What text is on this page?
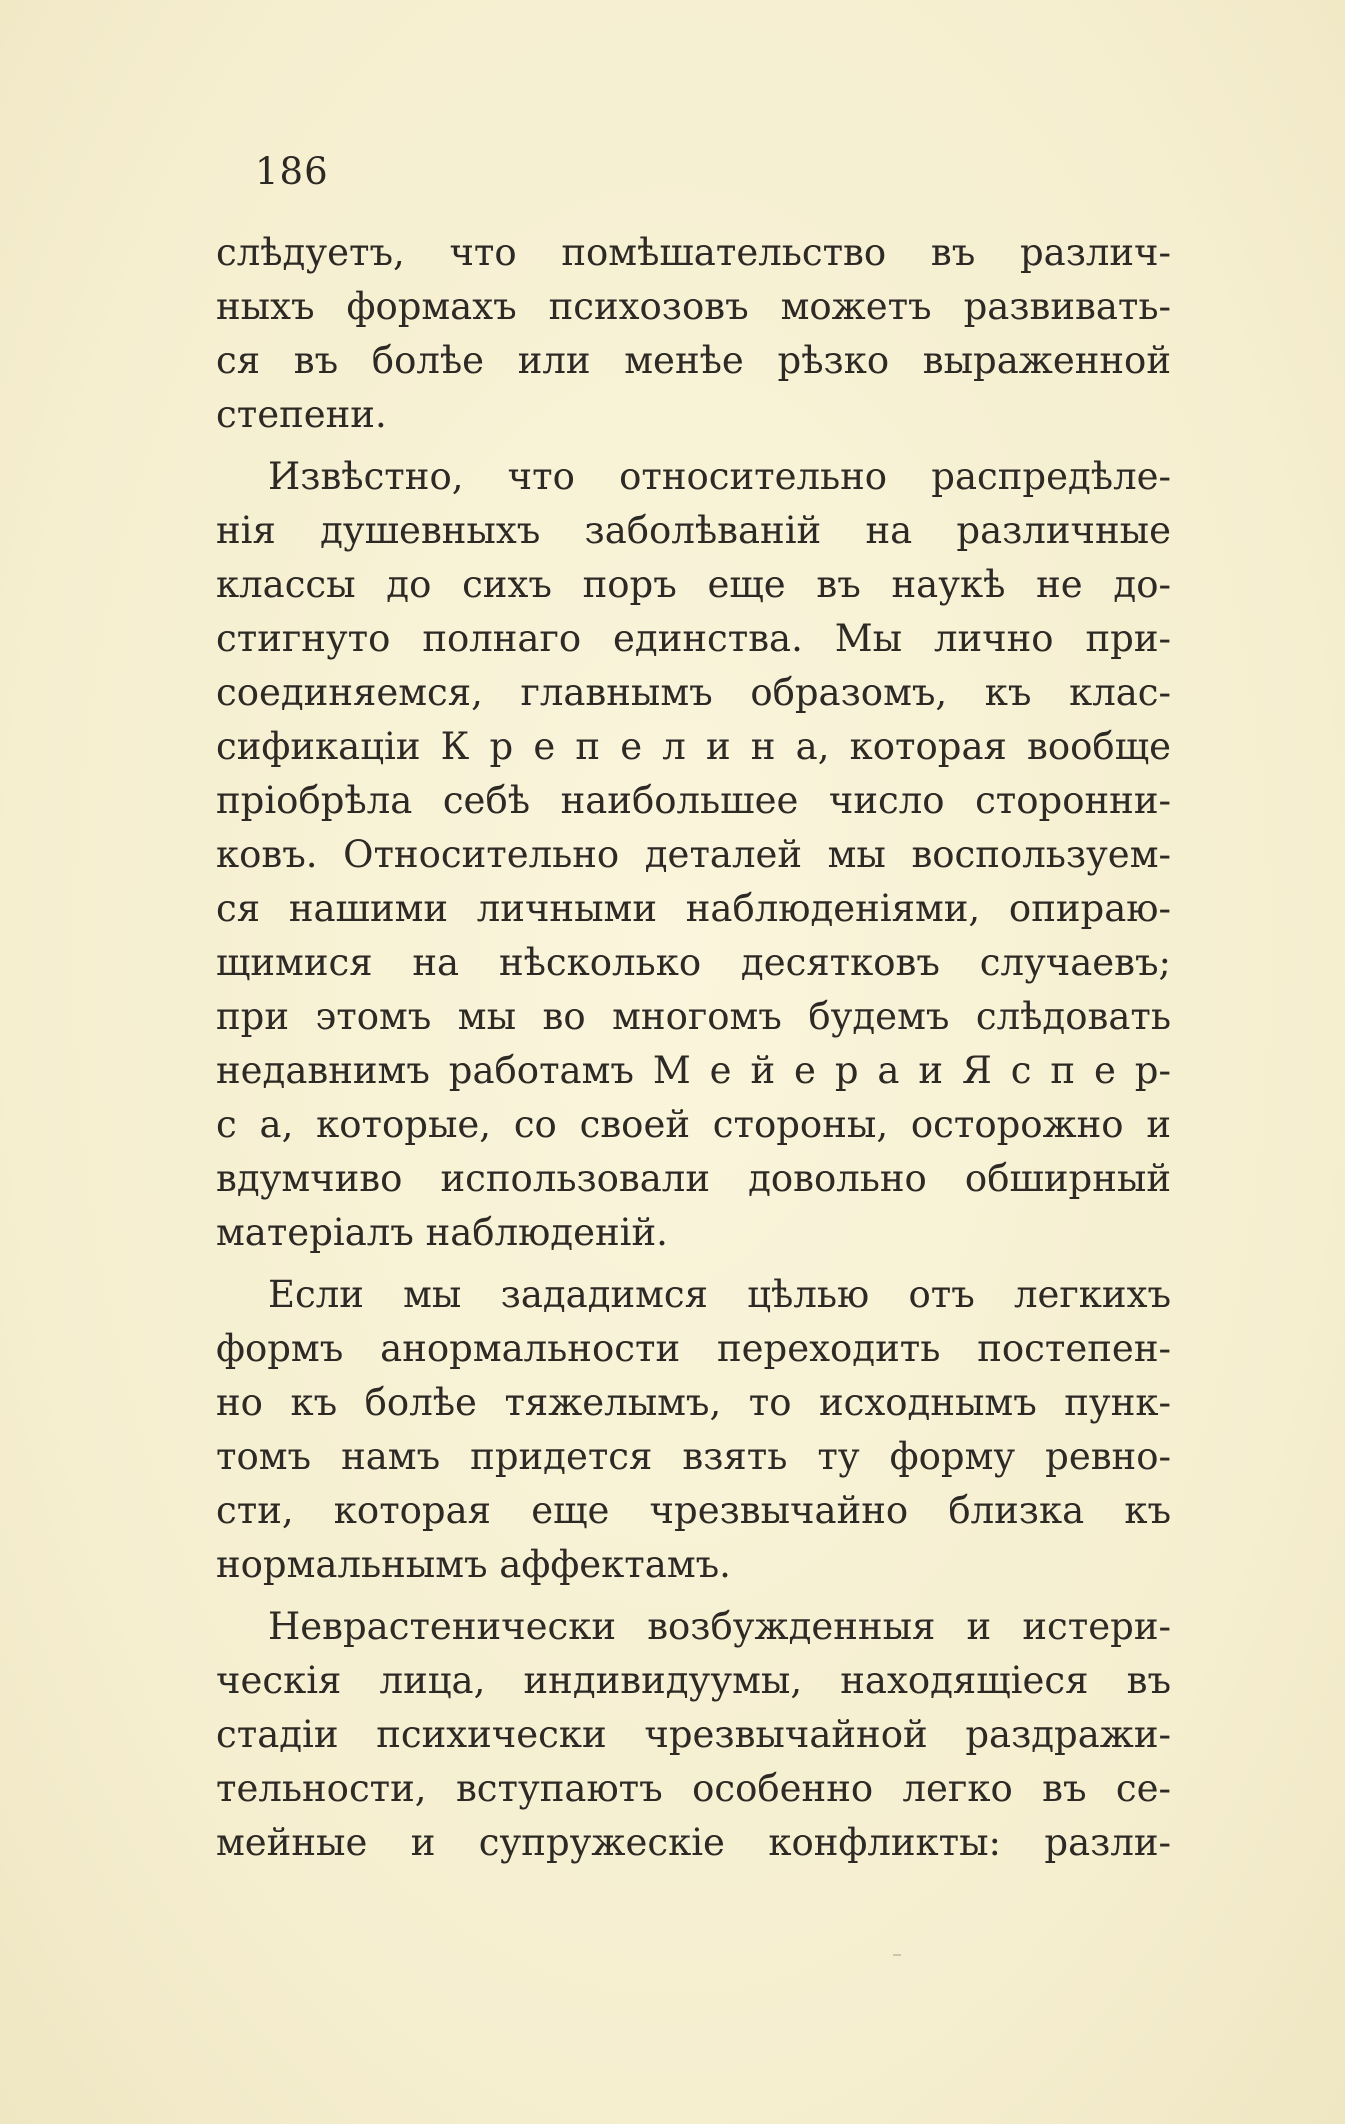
186
слѣдуетъ, что помѣшательство въ различ-
ныхъ формахъ психозовъ можетъ развивать-
ся въ болѣе или менѣе рѣзко выраженной
степени.
Извѣстно, что относительно распредѣле-
нія душевныхъ заболѣваній на различные
классы до сихъ поръ еще въ наукѣ не до-
стигнуто полнаго единства. Мы лично при-
соединяемся, главнымъ образомъ, къ клас-
сификаціи К р е п е л и н а, которая вообще
пріобрѣла себѣ наибольшее число сторонни-
ковъ. Относительно деталей мы воспользуем-
ся нашими личными наблюденіями, опираю-
щимися на нѣсколько десятковъ случаевъ;
при этомъ мы во многомъ будемъ слѣдовать
недавнимъ работамъ М е й е р а и Я с п е р-
с а, которые, со своей стороны, осторожно и
вдумчиво использовали довольно обширный
матеріалъ наблюденій.
Если мы зададимся цѣлью отъ легкихъ
формъ анормальности переходить постепен-
но къ болѣе тяжелымъ, то исходнымъ пунк-
томъ намъ придется взять ту форму ревно-
сти, которая еще чрезвычайно близка къ
нормальнымъ аффектамъ.
Неврастенически возбужденныя и истери-
ческія лица, индивидуумы, находящіеся въ
стадіи психически чрезвычайной раздражи-
тельности, вступаютъ особенно легко въ се-
мейные и супружескіе конфликты: разли-
